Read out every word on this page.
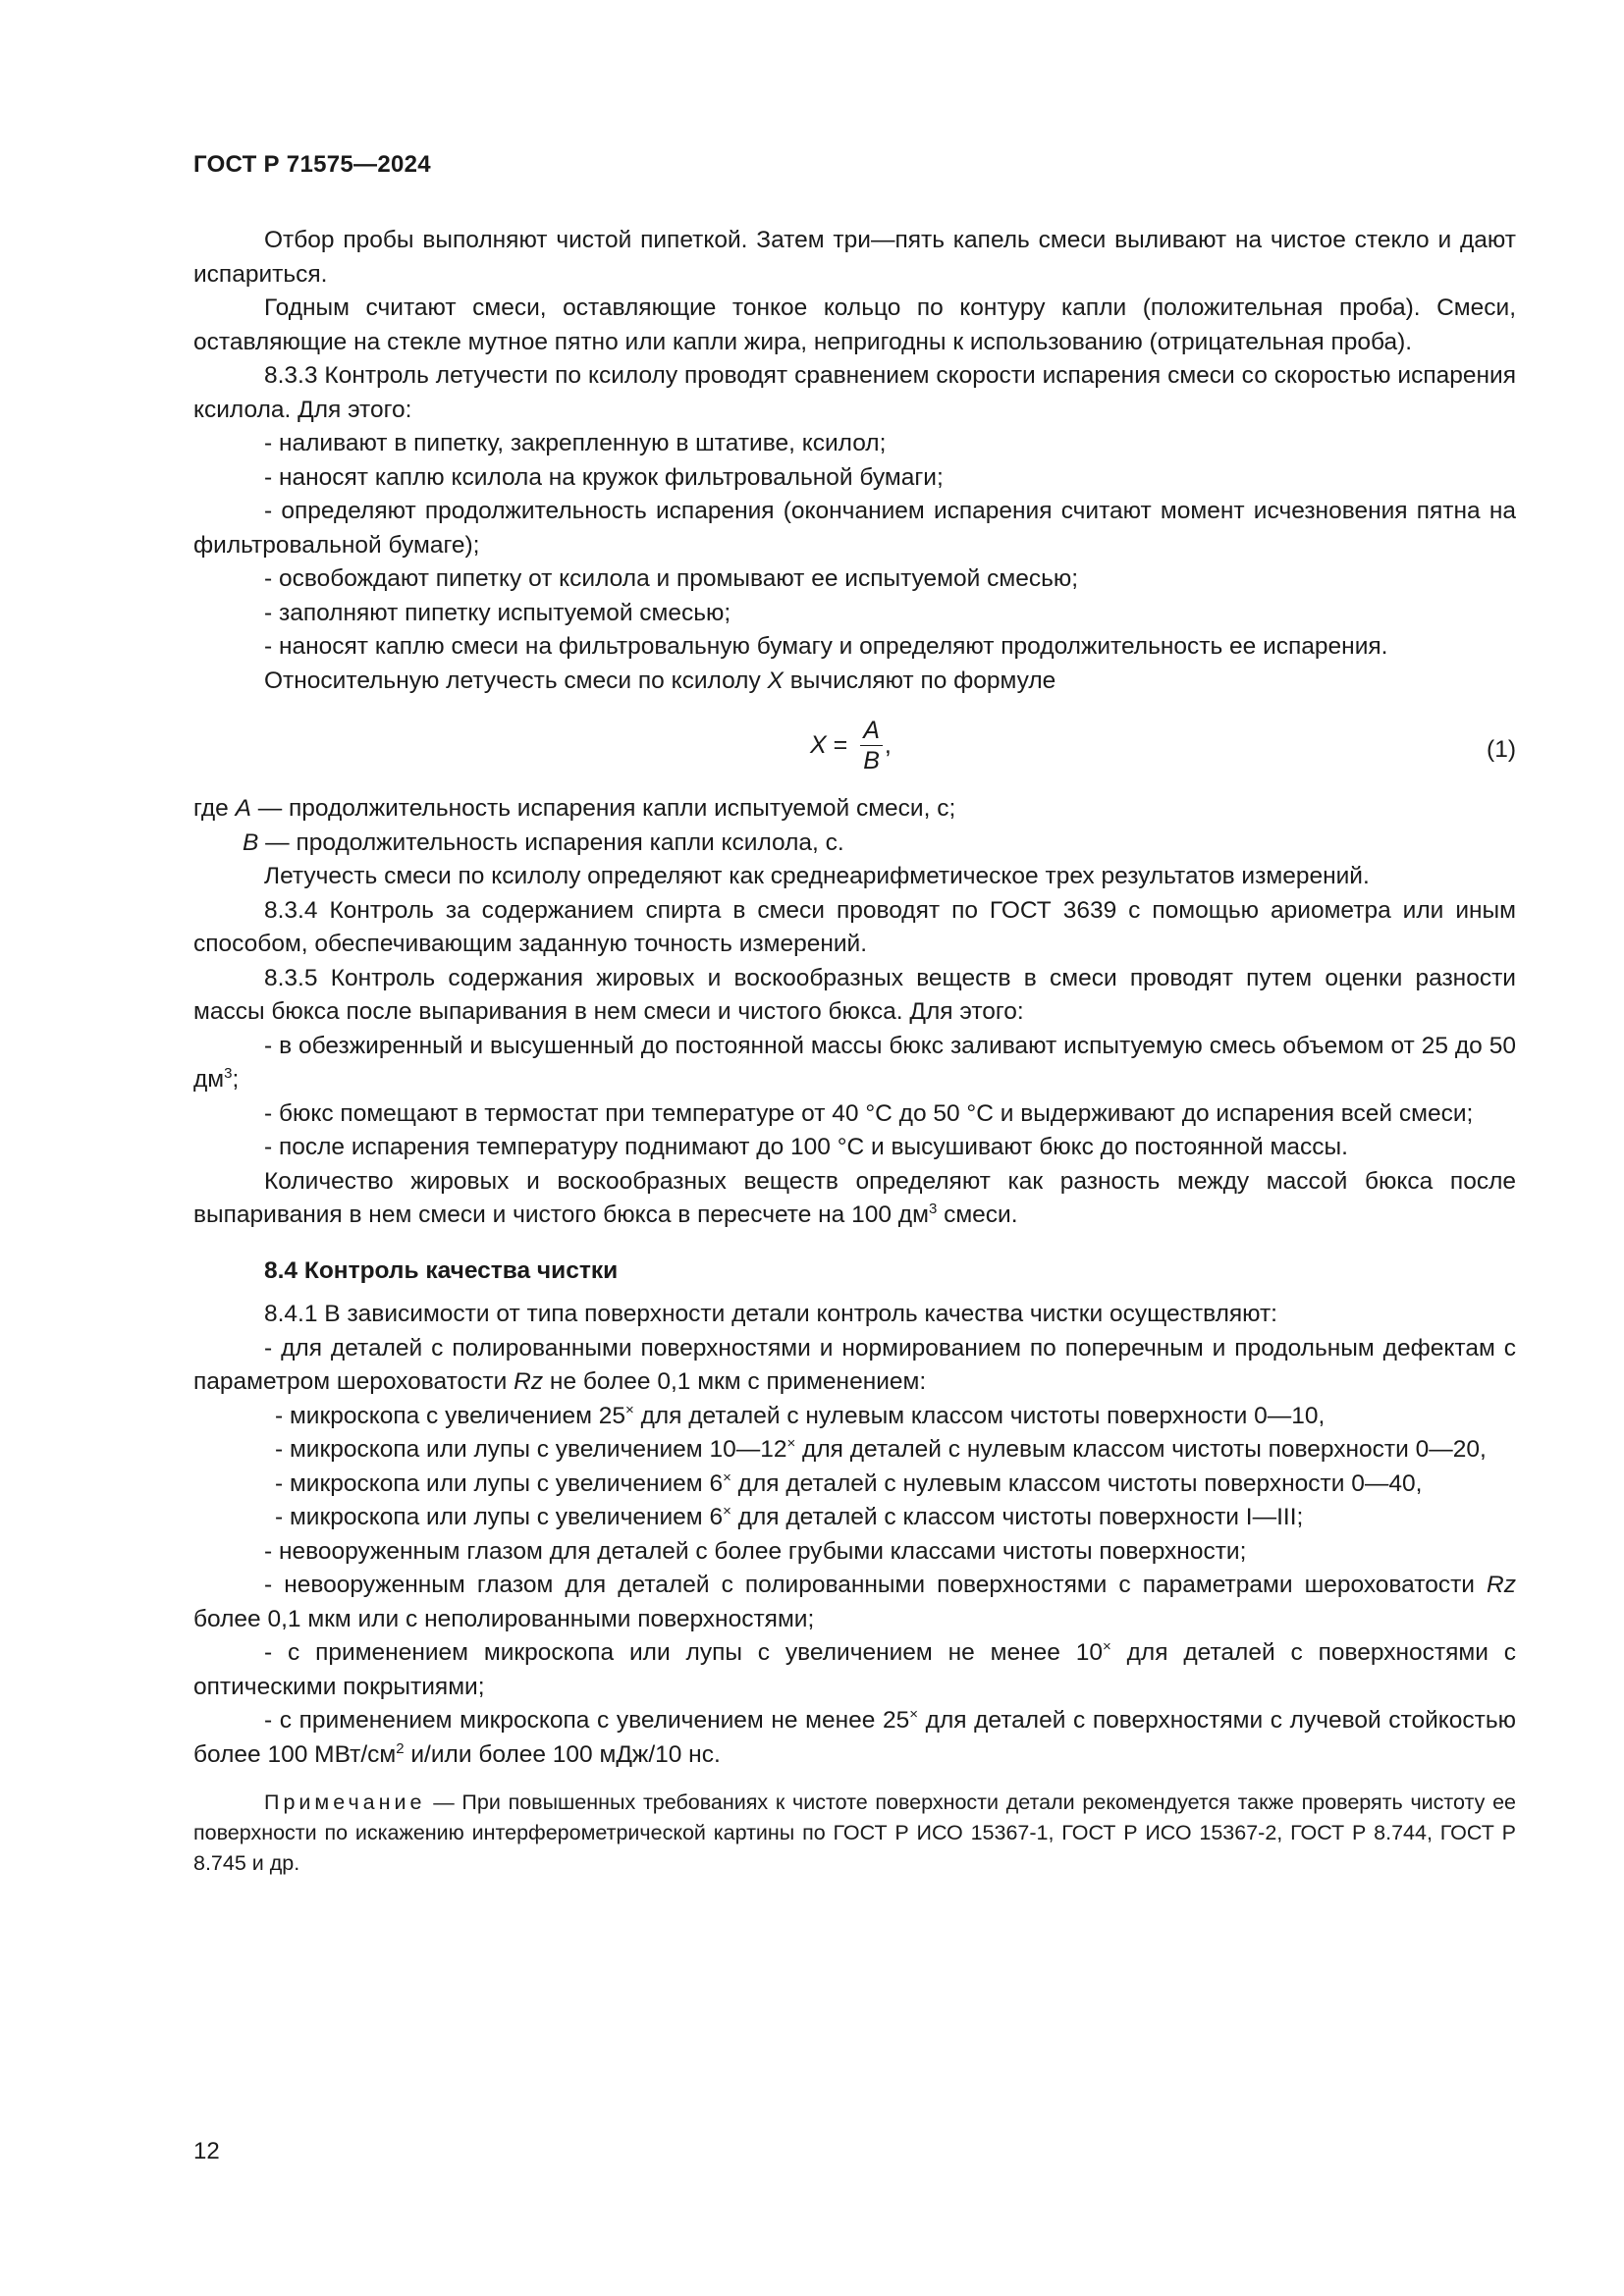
ГОСТ Р 71575—2024

Отбор пробы выполняют чистой пипеткой. Затем три—пять капель смеси выливают на чистое стекло и дают испариться.

Годным считают смеси, оставляющие тонкое кольцо по контуру капли (положительная проба). Смеси, оставляющие на стекле мутное пятно или капли жира, непригодны к использованию (отрицательная проба).

8.3.3 Контроль летучести по ксилолу проводят сравнением скорости испарения смеси со скоростью испарения ксилола. Для этого:

- наливают в пипетку, закрепленную в штативе, ксилол;

- наносят каплю ксилола на кружок фильтровальной бумаги;

- определяют продолжительность испарения (окончанием испарения считают момент исчезновения пятна на фильтровальной бумаге);

- освобождают пипетку от ксилола и промывают ее испытуемой смесью;

- заполняют пипетку испытуемой смесью;

- наносят каплю смеси на фильтровальную бумагу и определяют продолжительность ее испарения.

Относительную летучесть смеси по ксилолу X вычисляют по формуле

$X = \frac{A}{B}$ ,	(1)

где A — продолжительность испарения капли испытуемой смеси, с;

B — продолжительность испарения капли ксилола, с.

Летучесть смеси по ксилолу определяют как среднеарифметическое трех результатов измерений.

8.3.4 Контроль за содержанием спирта в смеси проводят по ГОСТ 3639 с помощью ариометра или иным способом, обеспечивающим заданную точность измерений.

8.3.5 Контроль содержания жировых и воскообразных веществ в смеси проводят путем оценки разности массы бюкса после выпаривания в нем смеси и чистого бюкса. Для этого:

- в обезжиренный и высушенный до постоянной массы бюкс заливают испытуемую смесь объемом от 25 до 50 $дм^3$;

- бюкс помещают в термостат при температуре от 40 °С до 50 °С и выдерживают до испарения всей смеси;

- после испарения температуру поднимают до 100 °С и высушивают бюкс до постоянной массы.

Количество жировых и воскообразных веществ определяют как разность между массой бюкса после выпаривания в нем смеси и чистого бюкса в пересчете на 100 $дм^3$ смеси.

8.4 Контроль качества чистки

8.4.1 В зависимости от типа поверхности детали контроль качества чистки осуществляют:

- для деталей с полированными поверхностями и нормированием по поперечным и продольным дефектам с параметром шероховатости Rz не более 0,1 мкм с применением:

- микроскопа с увеличением 25× для деталей с нулевым классом чистоты поверхности 0—10,

- микроскопа или лупы с увеличением 10—12× для деталей с нулевым классом чистоты поверхности 0—20,

- микроскопа или лупы с увеличением 6× для деталей с нулевым классом чистоты поверхности 0—40,

- микроскопа или лупы с увеличением 6× для деталей с классом чистоты поверхности I—III;

- невооруженным глазом для деталей с более грубыми классами чистоты поверхности;

- невооруженным глазом для деталей с полированными поверхностями с параметрами шероховатости Rz более 0,1 мкм или с неполированными поверхностями;

- с применением микроскопа или лупы с увеличением не менее 10× для деталей с поверхностями с оптическими покрытиями;

- с применением микроскопа с увеличением не менее 25× для деталей с поверхностями с лучевой стойкостью более 100 МВт/$см^2$ и/или более 100 мДж/10 нс.

Примечание — При повышенных требованиях к чистоте поверхности детали рекомендуется также проверять чистоту ее поверхности по искажению интерферометрической картины по ГОСТ Р ИСО 15367-1, ГОСТ Р ИСО 15367-2, ГОСТ Р 8.744, ГОСТ Р 8.745 и др.

12
